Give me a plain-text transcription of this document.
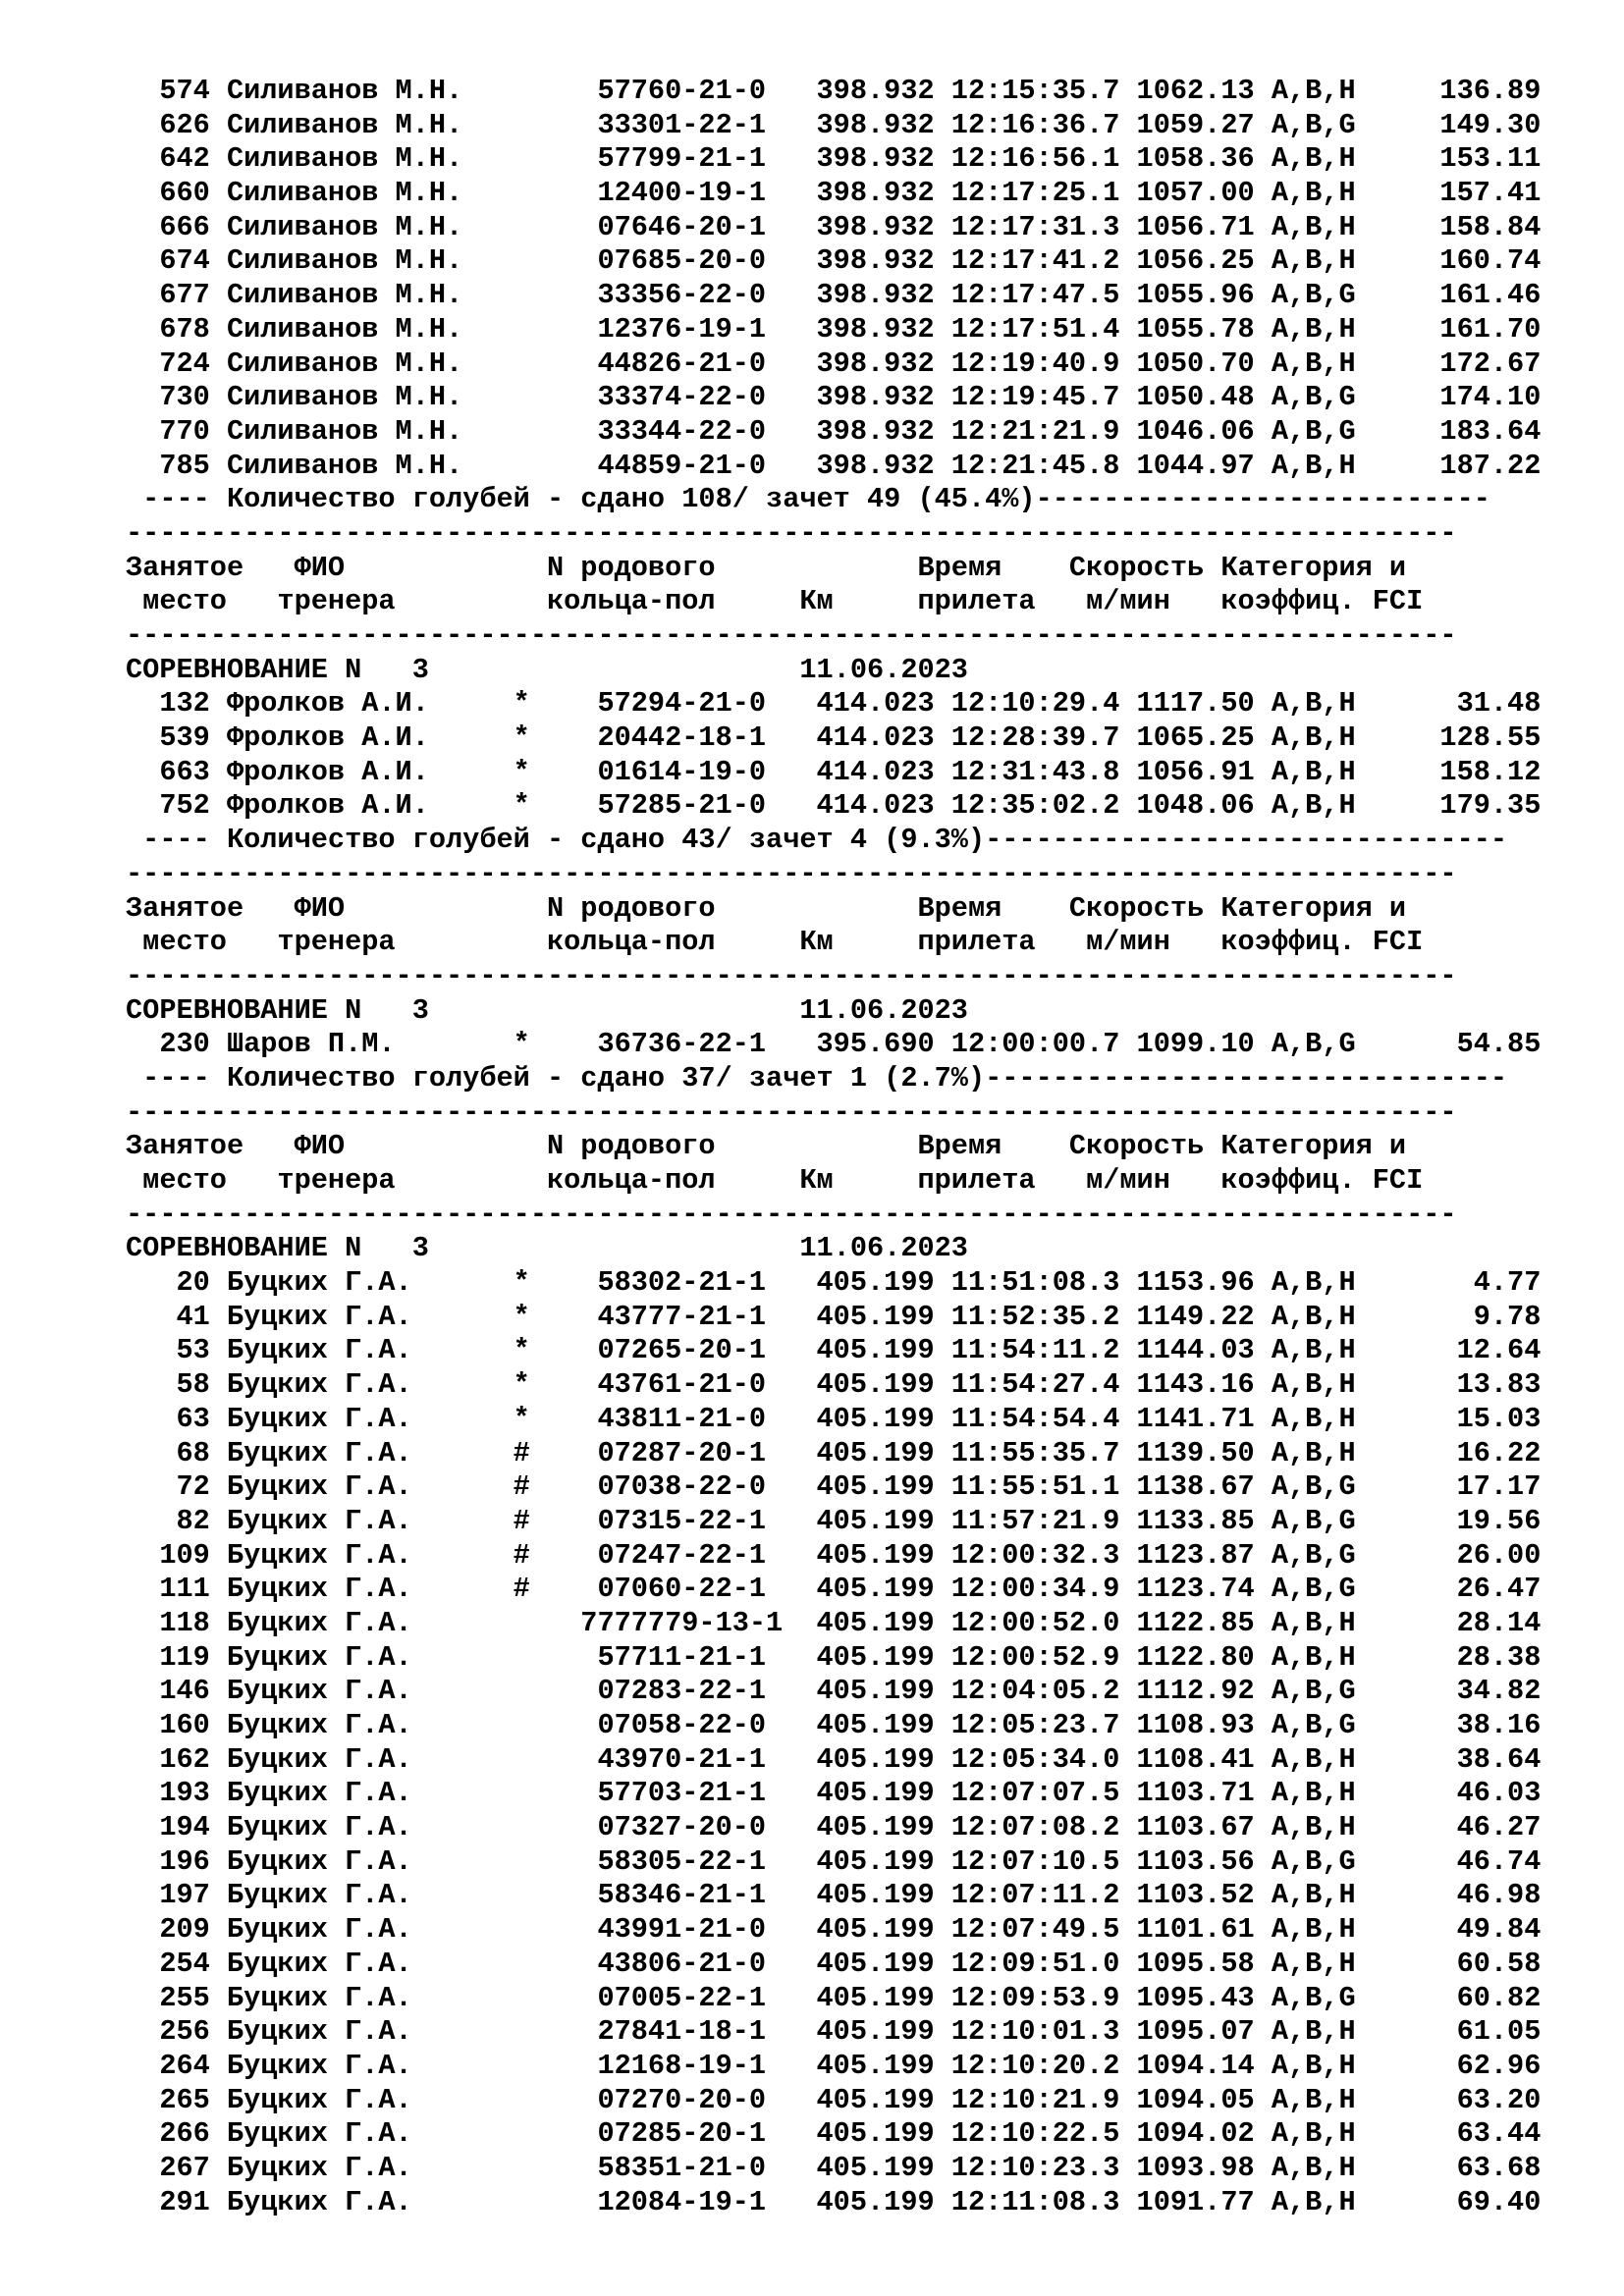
574 Силиванов М.Н.        57760-21-0   398.932 12:15:35.7 1062.13 A,B,H     136.89
626 Силиванов М.Н.        33301-22-1   398.932 12:16:36.7 1059.27 A,B,G     149.30
642 Силиванов М.Н.        57799-21-1   398.932 12:16:56.1 1058.36 A,B,H     153.11
660 Силиванов М.Н.        12400-19-1   398.932 12:17:25.1 1057.00 A,B,H     157.41
666 Силиванов М.Н.        07646-20-1   398.932 12:17:31.3 1056.71 A,B,H     158.84
674 Силиванов М.Н.        07685-20-0   398.932 12:17:41.2 1056.25 A,B,H     160.74
677 Силиванов М.Н.        33356-22-0   398.932 12:17:47.5 1055.96 A,B,G     161.46
678 Силиванов М.Н.        12376-19-1   398.932 12:17:51.4 1055.78 A,B,H     161.70
724 Силиванов М.Н.        44826-21-0   398.932 12:19:40.9 1050.70 A,B,H     172.67
730 Силиванов М.Н.        33374-22-0   398.932 12:19:45.7 1050.48 A,B,G     174.10
770 Силиванов М.Н.        33344-22-0   398.932 12:21:21.9 1046.06 A,B,G     183.64
785 Силиванов М.Н.        44859-21-0   398.932 12:21:45.8 1044.97 A,B,H     187.22
---- Количество голубей - сдано 108/ зачет 49 (45.4%)---------------------------
-------------------------------------------------------------------------------
Занятое   ФИО            N родового            Время    Скорость Категория и
место   тренера         кольца-пол     Км     прилета   м/мин   коэффиц. FCI
-------------------------------------------------------------------------------
СОРЕВНОВАНИЕ N   3                      11.06.2023
132 Фролков А.И.     *    57294-21-0   414.023 12:10:29.4 1117.50 A,B,H      31.48
539 Фролков А.И.     *    20442-18-1   414.023 12:28:39.7 1065.25 A,B,H     128.55
663 Фролков А.И.     *    01614-19-0   414.023 12:31:43.8 1056.91 A,B,H     158.12
752 Фролков А.И.     *    57285-21-0   414.023 12:35:02.2 1048.06 A,B,H     179.35
---- Количество голубей - сдано 43/ зачет 4 (9.3%)-------------------------------
-------------------------------------------------------------------------------
Занятое   ФИО            N родового            Время    Скорость Категория и
место   тренера         кольца-пол     Км     прилета   м/мин   коэффиц. FCI
-------------------------------------------------------------------------------
СОРЕВНОВАНИЕ N   3                      11.06.2023
230 Шаров П.М.       *    36736-22-1   395.690 12:00:00.7 1099.10 A,B,G      54.85
---- Количество голубей - сдано 37/ зачет 1 (2.7%)-------------------------------
-------------------------------------------------------------------------------
Занятое   ФИО            N родового            Время    Скорость Категория и
место   тренера         кольца-пол     Км     прилета   м/мин   коэффиц. FCI
-------------------------------------------------------------------------------
СОРЕВНОВАНИЕ N   3                      11.06.2023
20 Буцких Г.А.      *    58302-21-1   405.199 11:51:08.3 1153.96 A,B,H       4.77
41 Буцких Г.А.      *    43777-21-1   405.199 11:52:35.2 1149.22 A,B,H       9.78
53 Буцких Г.А.      *    07265-20-1   405.199 11:54:11.2 1144.03 A,B,H      12.64
58 Буцких Г.А.      *    43761-21-0   405.199 11:54:27.4 1143.16 A,B,H      13.83
63 Буцких Г.А.      *    43811-21-0   405.199 11:54:54.4 1141.71 A,B,H      15.03
68 Буцких Г.А.      #    07287-20-1   405.199 11:55:35.7 1139.50 A,B,H      16.22
72 Буцких Г.А.      #    07038-22-0   405.199 11:55:51.1 1138.67 A,B,G      17.17
82 Буцких Г.А.      #    07315-22-1   405.199 11:57:21.9 1133.85 A,B,G      19.56
109 Буцких Г.А.      #    07247-22-1   405.199 12:00:32.3 1123.87 A,B,G      26.00
111 Буцких Г.А.      #    07060-22-1   405.199 12:00:34.9 1123.74 A,B,G      26.47
118 Буцких Г.А.          7777779-13-1  405.199 12:00:52.0 1122.85 A,B,H      28.14
119 Буцких Г.А.           57711-21-1   405.199 12:00:52.9 1122.80 A,B,H      28.38
146 Буцких Г.А.           07283-22-1   405.199 12:04:05.2 1112.92 A,B,G      34.82
160 Буцких Г.А.           07058-22-0   405.199 12:05:23.7 1108.93 A,B,G      38.16
162 Буцких Г.А.           43970-21-1   405.199 12:05:34.0 1108.41 A,B,H      38.64
193 Буцких Г.А.           57703-21-1   405.199 12:07:07.5 1103.71 A,B,H      46.03
194 Буцких Г.А.           07327-20-0   405.199 12:07:08.2 1103.67 A,B,H      46.27
196 Буцких Г.А.           58305-22-1   405.199 12:07:10.5 1103.56 A,B,G      46.74
197 Буцких Г.А.           58346-21-1   405.199 12:07:11.2 1103.52 A,B,H      46.98
209 Буцких Г.А.           43991-21-0   405.199 12:07:49.5 1101.61 A,B,H      49.84
254 Буцких Г.А.           43806-21-0   405.199 12:09:51.0 1095.58 A,B,H      60.58
255 Буцких Г.А.           07005-22-1   405.199 12:09:53.9 1095.43 A,B,G      60.82
256 Буцких Г.А.           27841-18-1   405.199 12:10:01.3 1095.07 A,B,H      61.05
264 Буцких Г.А.           12168-19-1   405.199 12:10:20.2 1094.14 A,B,H      62.96
265 Буцких Г.А.           07270-20-0   405.199 12:10:21.9 1094.05 A,B,H      63.20
266 Буцких Г.А.           07285-20-1   405.199 12:10:22.5 1094.02 A,B,H      63.44
267 Буцких Г.А.           58351-21-0   405.199 12:10:23.3 1093.98 A,B,H      63.68
291 Буцких Г.А.           12084-19-1   405.199 12:11:08.3 1091.77 A,B,H      69.40
